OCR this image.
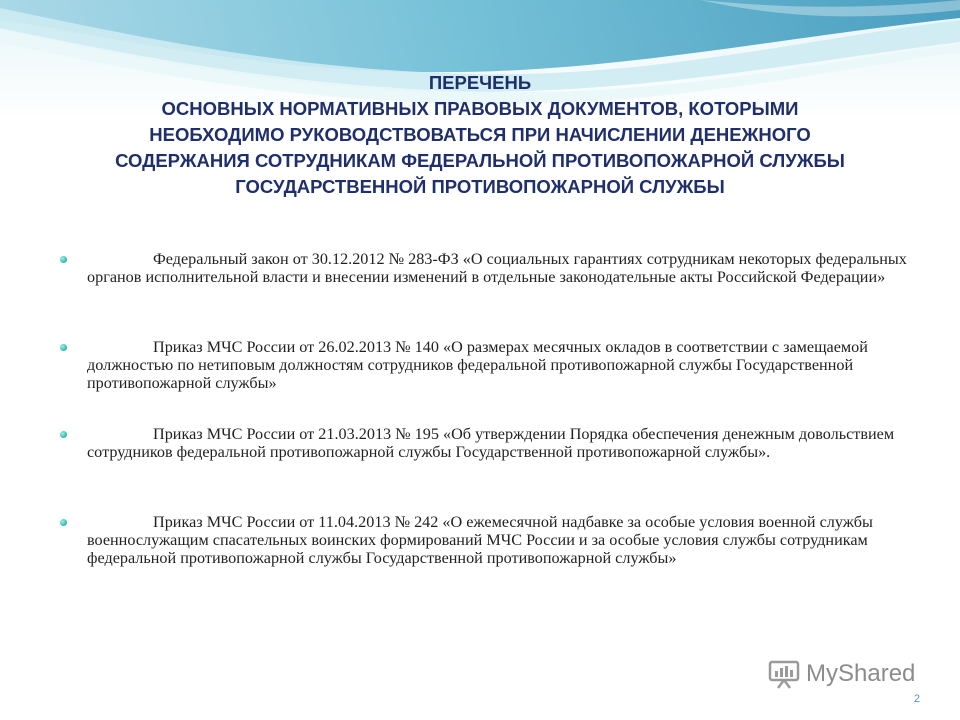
ПЕРЕЧЕНЬ
ОСНОВНЫХ НОРМАТИВНЫХ ПРАВОВЫХ ДОКУМЕНТОВ, КОТОРЫМИ
НЕОБХОДИМО РУКОВОДСТВОВАТЬСЯ ПРИ НАЧИСЛЕНИИ ДЕНЕЖНОГО
СОДЕРЖАНИЯ СОТРУДНИКАМ ФЕДЕРАЛЬНОЙ ПРОТИВОПОЖАРНОЙ СЛУЖБЫ
ГОСУДАРСТВЕННОЙ ПРОТИВОПОЖАРНОЙ СЛУЖБЫ
Федеральный закон от 30.12.2012 № 283-ФЗ «О социальных гарантиях сотрудникам некоторых федеральных органов исполнительной власти и внесении изменений в отдельные законодательные акты Российской Федерации»
Приказ МЧС России от 26.02.2013 № 140 «О размерах месячных окладов в соответствии с замещаемой должностью по нетиповым должностям сотрудников федеральной противопожарной службы Государственной противопожарной службы»
Приказ МЧС России от 21.03.2013 № 195 «Об утверждении Порядка обеспечения денежным довольствием сотрудников федеральной противопожарной службы Государственной противопожарной службы».
Приказ МЧС России от 11.04.2013 № 242 «О ежемесячной надбавке за особые условия военной службы военнослужащим спасательных воинских формирований МЧС России и за особые условия службы сотрудникам федеральной противопожарной службы Государственной противопожарной службы»
MyShared
2
